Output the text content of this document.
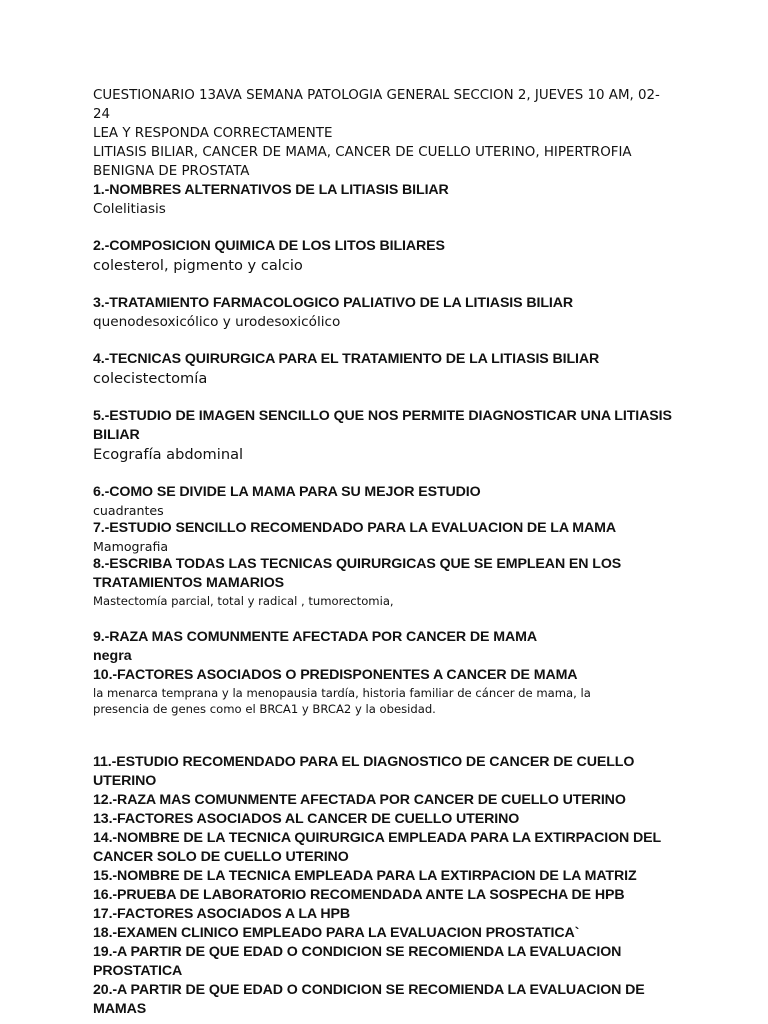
CUESTIONARIO 13AVA SEMANA PATOLOGIA GENERAL SECCION 2, JUEVES 10 AM, 02-

24

LEA Y RESPONDA CORRECTAMENTE

LITIASIS BILIAR, CANCER DE MAMA, CANCER DE CUELLO UTERINO, HIPERTROFIA

BENIGNA DE PROSTATA

1.-NOMBRES ALTERNATIVOS DE LA LITIASIS BILIAR

Colelitiasis

2.-COMPOSICION QUIMICA DE LOS LITOS BILIARES

colesterol, pigmento y calcio

3.-TRATAMIENTO FARMACOLOGICO PALIATIVO DE LA LITIASIS BILIAR

quenodesoxicólico y urodesoxicólico

4.-TECNICAS QUIRURGICA PARA EL TRATAMIENTO DE LA LITIASIS BILIAR

colecistectomía

5.-ESTUDIO DE IMAGEN SENCILLO QUE NOS PERMITE DIAGNOSTICAR UNA LITIASIS

BILIAR

Ecografía abdominal

6.-COMO SE DIVIDE LA MAMA PARA SU MEJOR ESTUDIO

cuadrantes

7.-ESTUDIO SENCILLO RECOMENDADO PARA LA EVALUACION DE LA MAMA

Mamografia

8.-ESCRIBA TODAS LAS TECNICAS QUIRURGICAS QUE SE EMPLEAN EN LOS

TRATAMIENTOS MAMARIOS

Mastectomía parcial, total y radical , tumorectomia,

9.-RAZA MAS COMUNMENTE AFECTADA POR CANCER DE MAMA

negra

10.-FACTORES ASOCIADOS O PREDISPONENTES A CANCER DE MAMA

la menarca temprana y la menopausia tardía, historia familiar de cáncer de mama, la

presencia de genes como el BRCA1 y BRCA2 y la obesidad.

11.-ESTUDIO RECOMENDADO PARA EL DIAGNOSTICO DE CANCER DE CUELLO

UTERINO

12.-RAZA MAS COMUNMENTE AFECTADA POR CANCER DE CUELLO UTERINO

13.-FACTORES ASOCIADOS AL CANCER DE CUELLO UTERINO

14.-NOMBRE DE LA TECNICA QUIRURGICA EMPLEADA PARA LA EXTIRPACION DEL

CANCER SOLO DE CUELLO UTERINO

15.-NOMBRE DE LA TECNICA EMPLEADA PARA LA EXTIRPACION DE LA MATRIZ

16.-PRUEBA DE LABORATORIO RECOMENDADA ANTE LA SOSPECHA DE HPB

17.-FACTORES ASOCIADOS A LA HPB

18.-EXAMEN CLINICO EMPLEADO PARA LA EVALUACION PROSTATICA`

19.-A PARTIR DE QUE EDAD O CONDICION SE RECOMIENDA LA EVALUACION

PROSTATICA

20.-A PARTIR DE QUE EDAD O CONDICION SE RECOMIENDA LA EVALUACION DE

MAMAS
